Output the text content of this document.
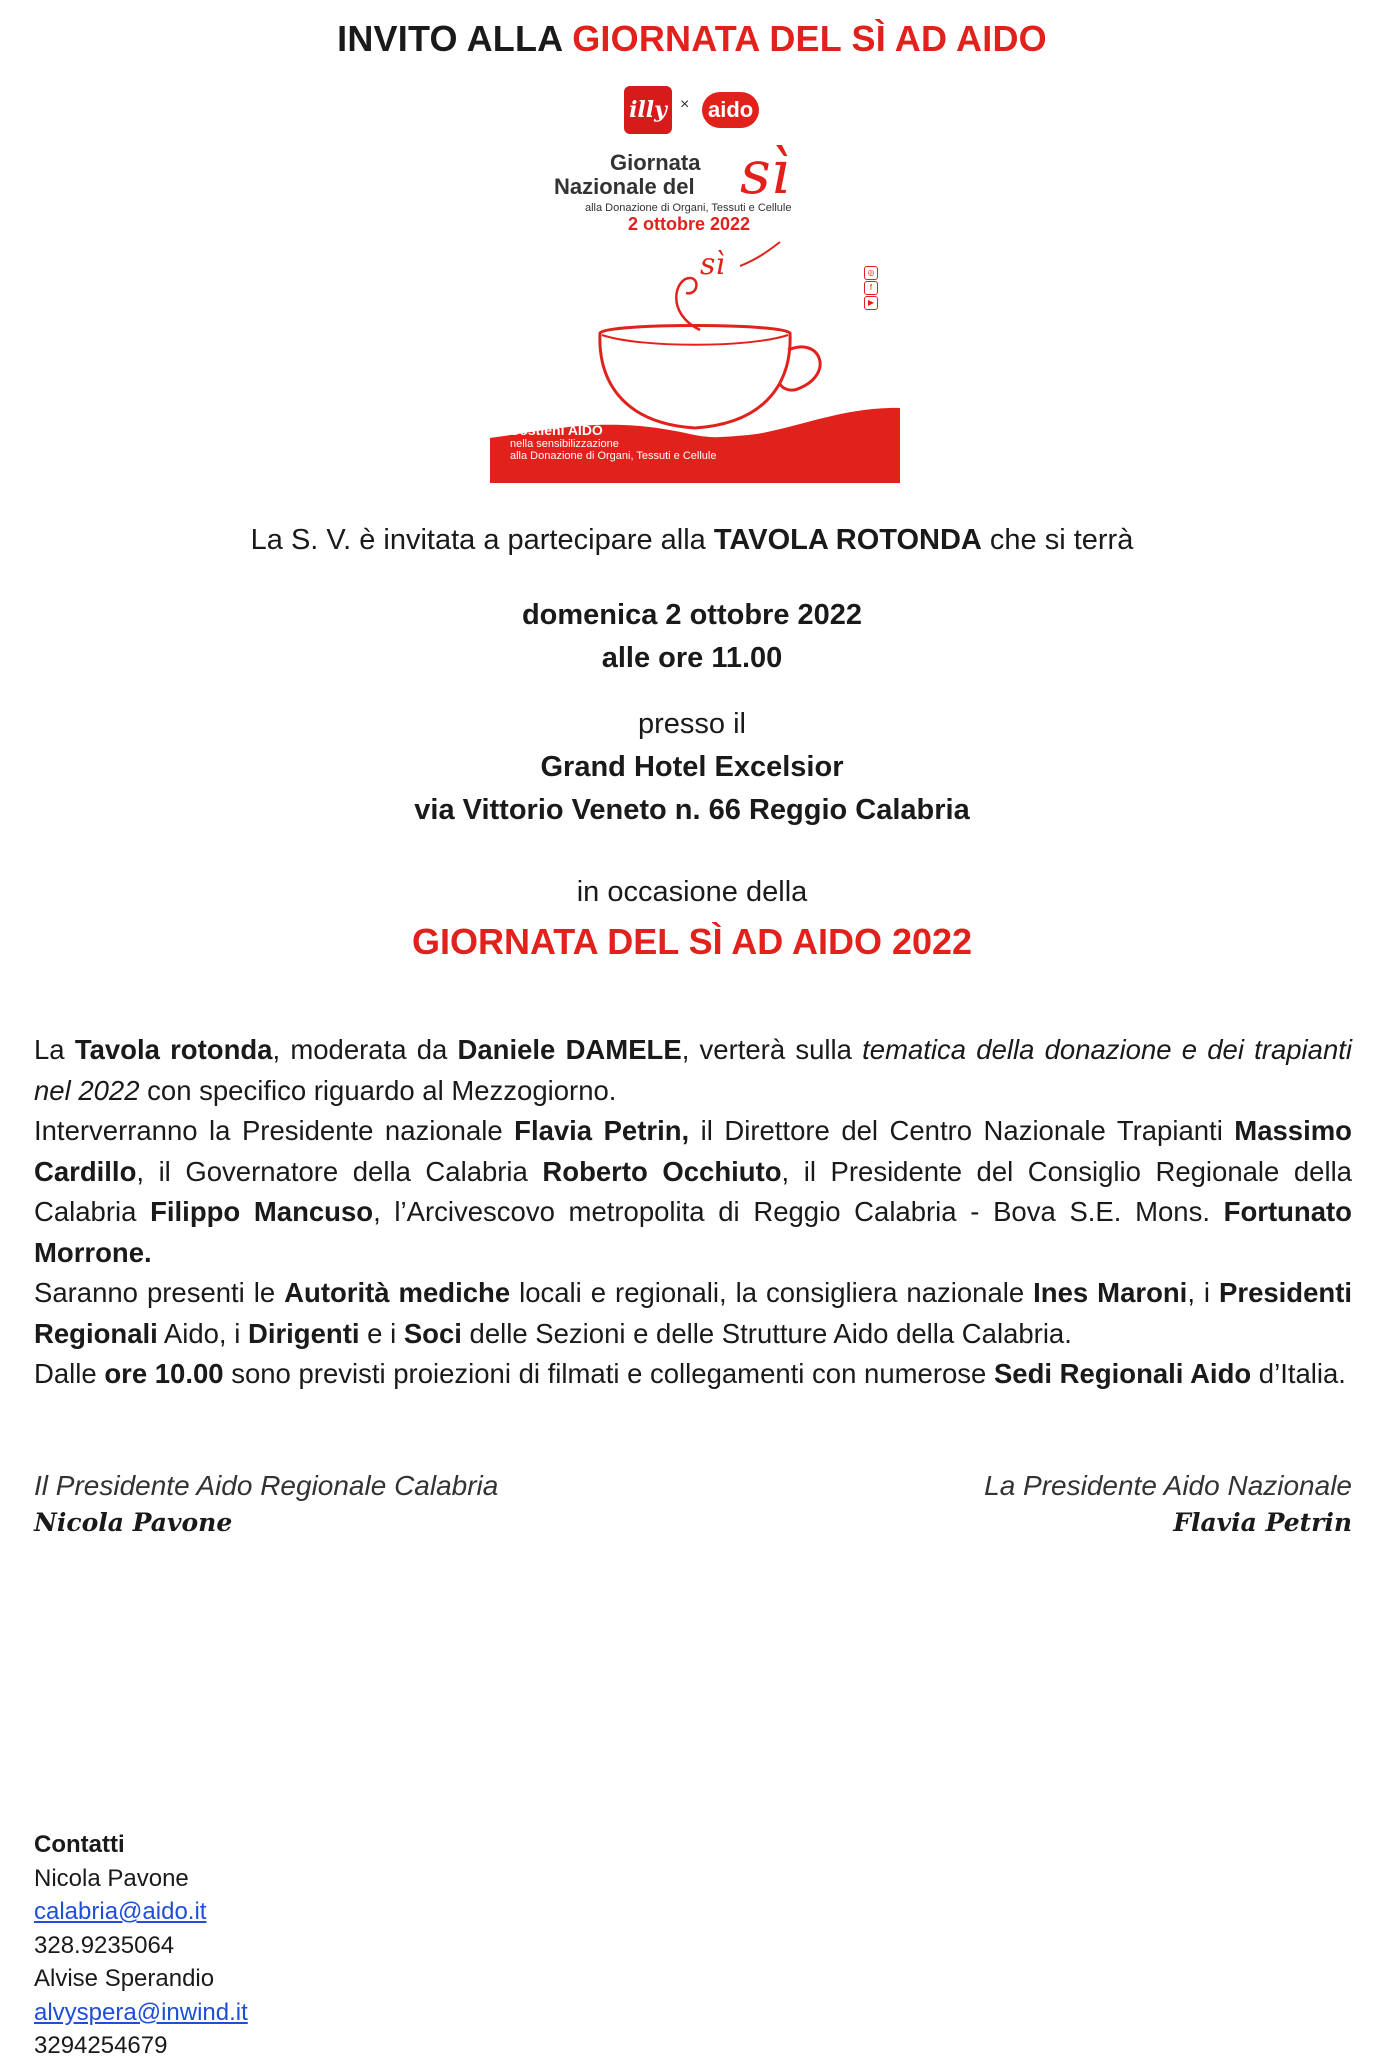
INVITO ALLA GIORNATA DEL SÌ AD AIDO
illy × aido
Giornata
Nazionale del sì
alla Donazione di Organi, Tessuti e Cellule
2 ottobre 2022
sì	◎
f
▶
Sostieni AIDO
nella sensibilizzazione
alla Donazione di Organi, Tessuti e Cellule
La S. V. è invitata a partecipare alla TAVOLA ROTONDA che si terrà
domenica 2 ottobre 2022
alle ore 11.00
presso il
Grand Hotel Excelsior
via Vittorio Veneto n. 66 Reggio Calabria
in occasione della
GIORNATA DEL SÌ AD AIDO 2022

La Tavola rotonda, moderata da Daniele DAMELE, verterà sulla tematica della donazione e dei trapianti nel 2022 con specifico riguardo al Mezzogiorno.

Interverranno la Presidente nazionale Flavia Petrin, il Direttore del Centro Nazionale Trapianti Massimo Cardillo, il Governatore della Calabria Roberto Occhiuto, il Presidente del Consiglio Regionale della Calabria Filippo Mancuso, l’Arcivescovo metropolita di Reggio Calabria - Bova S.E. Mons. Fortunato Morrone.

Saranno presenti le Autorità mediche locali e regionali, la consigliera nazionale Ines Maroni, i Presidenti Regionali Aido, i Dirigenti e i Soci delle Sezioni e delle Strutture Aido della Calabria.

Dalle ore 10.00 sono previsti proiezioni di filmati e collegamenti con numerose Sedi Regionali Aido d’Italia.

Il Presidente Aido Regionale Calabria
Nicola Pavone
La Presidente Aido Nazionale
Flavia Petrin
Contatti
Nicola Pavone
calabria@aido.it
328.9235064
Alvise Sperandio
alvyspera@inwind.it
3294254679
